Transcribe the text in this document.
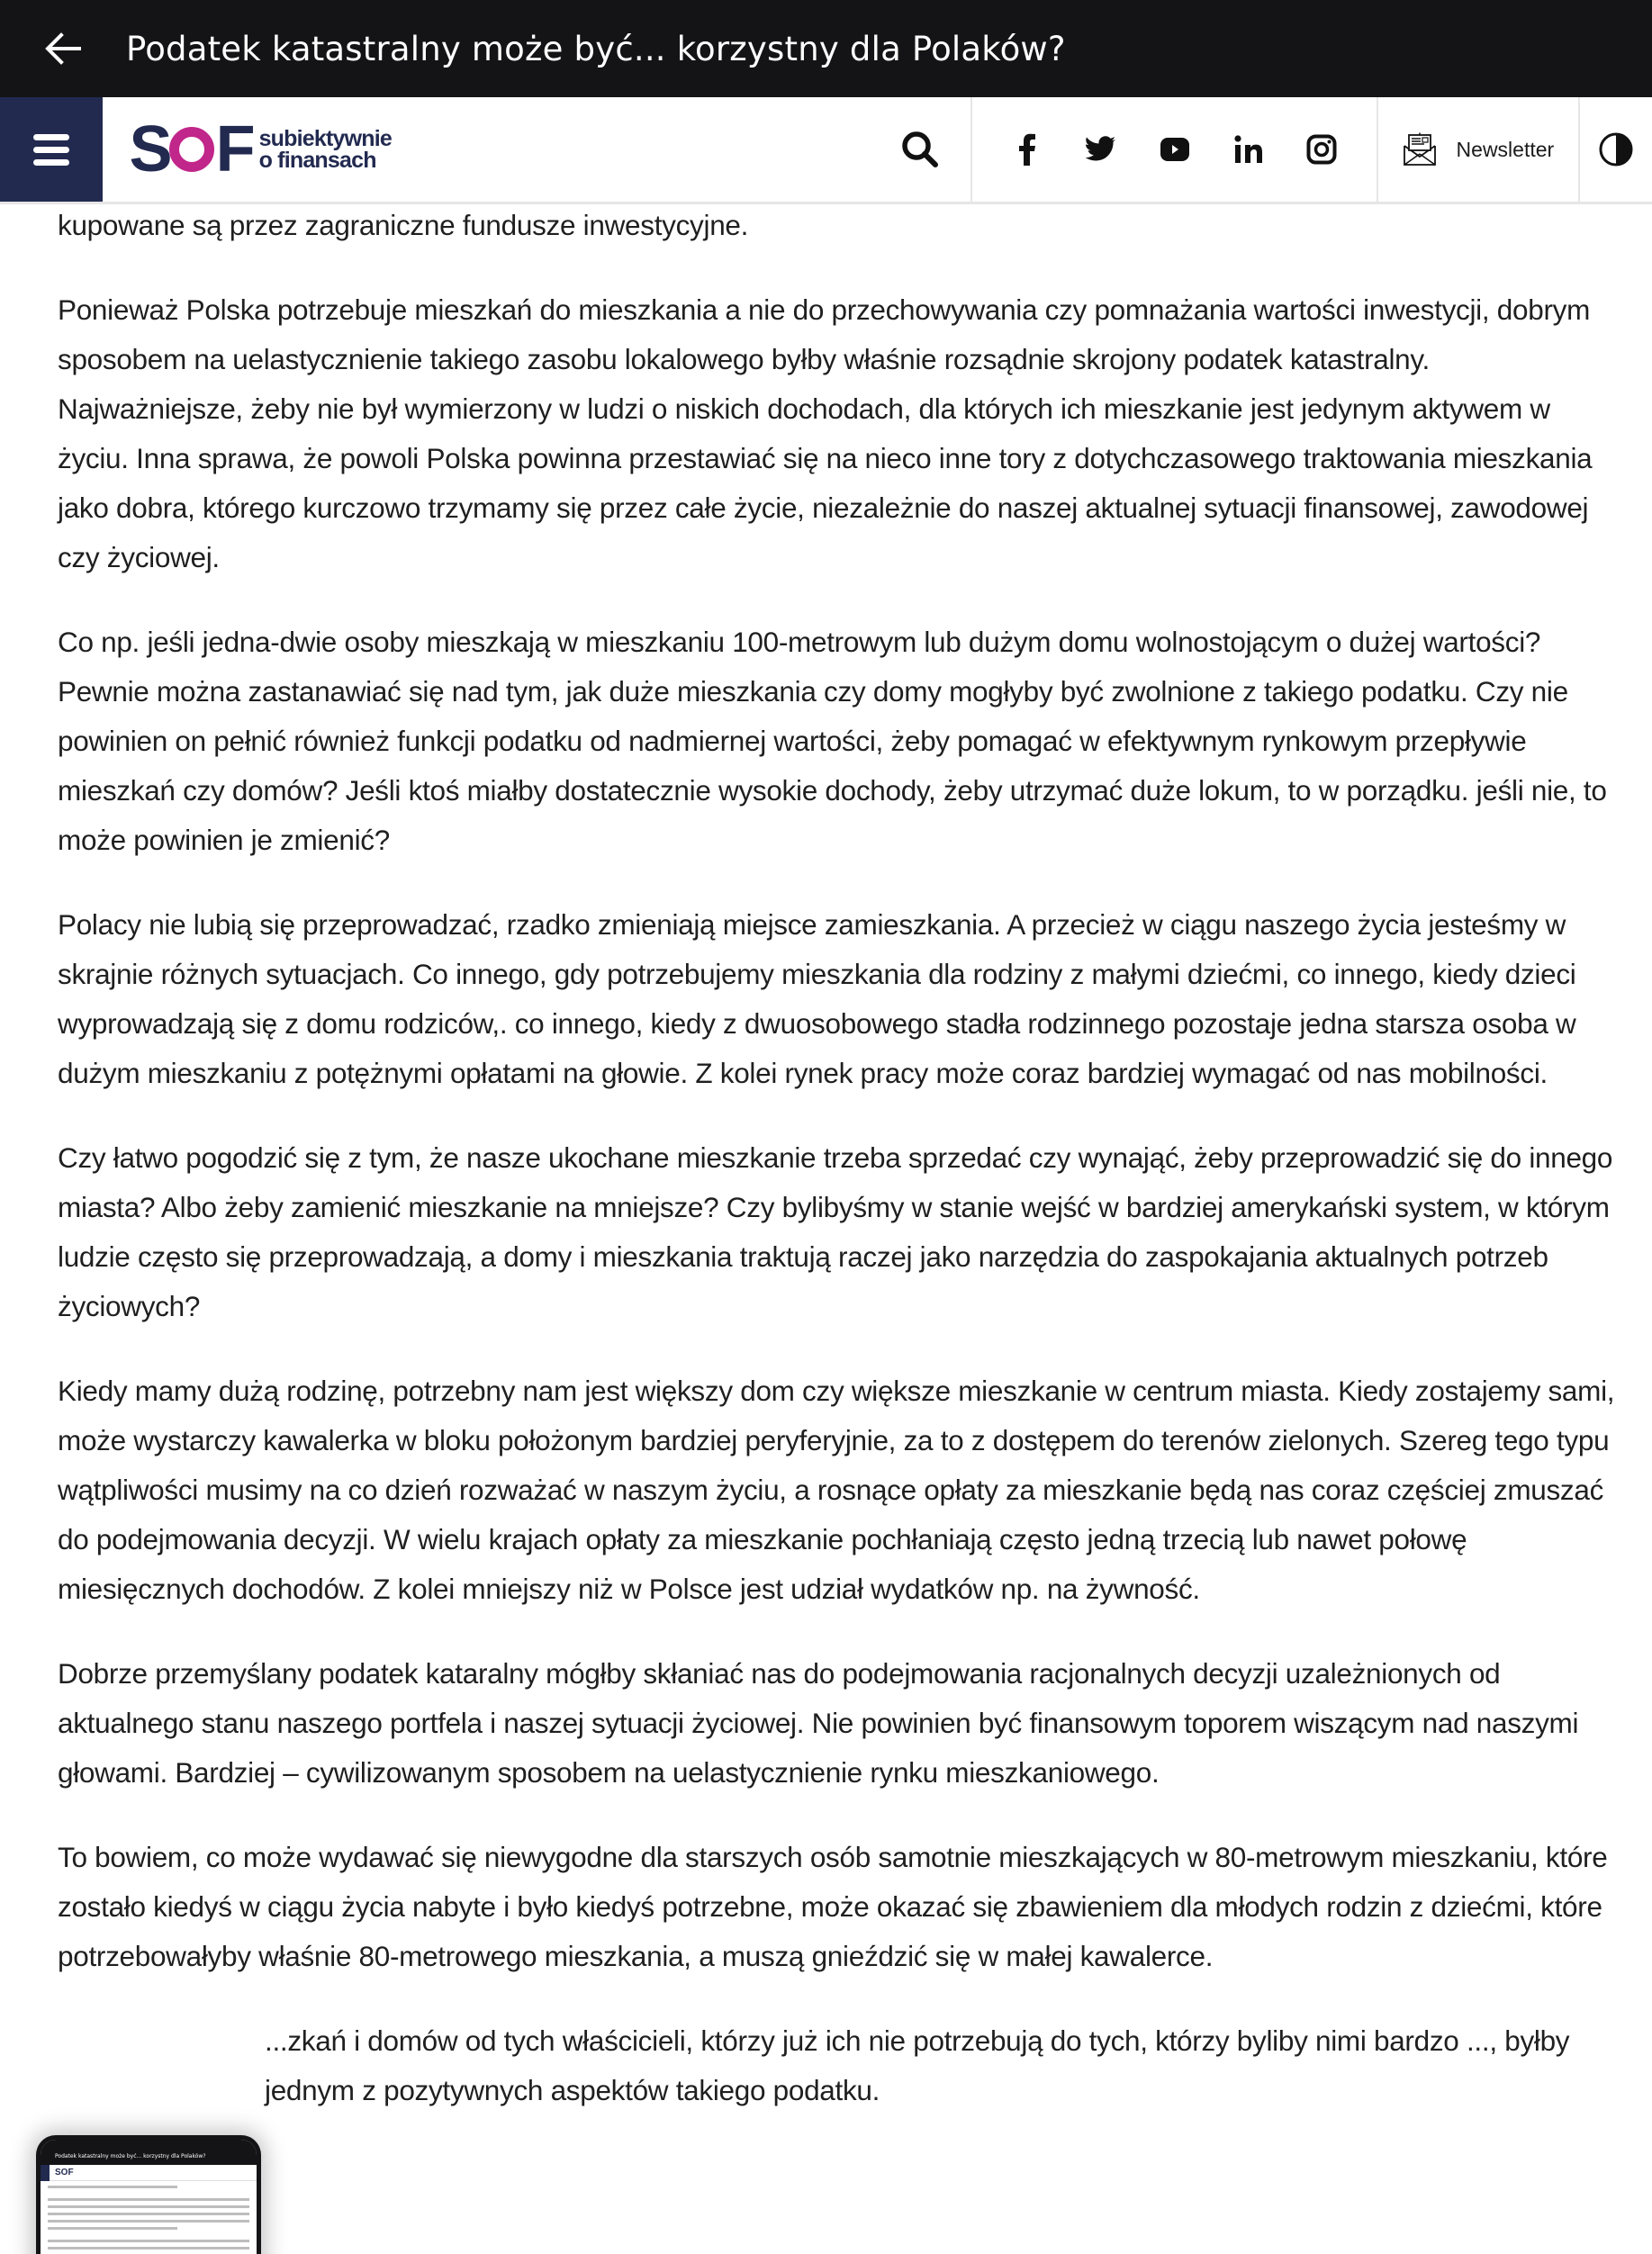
Podatek katastralny może być... korzystny dla Polaków?
S F subiektywnie
o finansach	Newsletter

kupowane są przez zagraniczne fundusze inwestycyjne.

Ponieważ Polska potrzebuje mieszkań do mieszkania a nie do przechowywania czy pomnażania wartości inwestycji, dobrym sposobem na uelastycznienie takiego zasobu lokalowego byłby właśnie rozsądnie skrojony podatek katastralny. Najważniejsze, żeby nie był wymierzony w ludzi o niskich dochodach, dla których ich mieszkanie jest jedynym aktywem w życiu. Inna sprawa, że powoli Polska powinna przestawiać się na nieco inne tory z dotychczasowego traktowania mieszkania jako dobra, którego kurczowo trzymamy się przez całe życie, niezależnie do naszej aktualnej sytuacji finansowej, zawodowej czy życiowej.

Co np. jeśli jedna-dwie osoby mieszkają w mieszkaniu 100-metrowym lub dużym domu wolnostojącym o dużej wartości? Pewnie można zastanawiać się nad tym, jak duże mieszkania czy domy mogłyby być zwolnione z takiego podatku. Czy nie powinien on pełnić również funkcji podatku od nadmiernej wartości, żeby pomagać w efektywnym rynkowym przepływie mieszkań czy domów? Jeśli ktoś miałby dostatecznie wysokie dochody, żeby utrzymać duże lokum, to w porządku. jeśli nie, to może powinien je zmienić?

Polacy nie lubią się przeprowadzać, rzadko zmieniają miejsce zamieszkania. A przecież w ciągu naszego życia jesteśmy w skrajnie różnych sytuacjach. Co innego, gdy potrzebujemy mieszkania dla rodziny z małymi dziećmi, co innego, kiedy dzieci wyprowadzają się z domu rodziców,. co innego, kiedy z dwuosobowego stadła rodzinnego pozostaje jedna starsza osoba w dużym mieszkaniu z potężnymi opłatami na głowie. Z kolei rynek pracy może coraz bardziej wymagać od nas mobilności.

Czy łatwo pogodzić się z tym, że nasze ukochane mieszkanie trzeba sprzedać czy wynająć, żeby przeprowadzić się do innego miasta? Albo żeby zamienić mieszkanie na mniejsze? Czy bylibyśmy w stanie wejść w bardziej amerykański system, w którym ludzie często się przeprowadzają, a domy i mieszkania traktują raczej jako narzędzia do zaspokajania aktualnych potrzeb życiowych?

Kiedy mamy dużą rodzinę, potrzebny nam jest większy dom czy większe mieszkanie w centrum miasta. Kiedy zostajemy sami, może wystarczy kawalerka w bloku położonym bardziej peryferyjnie, za to z dostępem do terenów zielonych. Szereg tego typu wątpliwości musimy na co dzień rozważać w naszym życiu, a rosnące opłaty za mieszkanie będą nas coraz częściej zmuszać do podejmowania decyzji. W wielu krajach opłaty za mieszkanie pochłaniają często jedną trzecią lub nawet połowę miesięcznych dochodów. Z kolei mniejszy niż w Polsce jest udział wydatków np. na żywność.

Dobrze przemyślany podatek kataralny mógłby skłaniać nas do podejmowania racjonalnych decyzji uzależnionych od aktualnego stanu naszego portfela i naszej sytuacji życiowej. Nie powinien być finansowym toporem wiszącym nad naszymi głowami. Bardziej – cywilizowanym sposobem na uelastycznienie rynku mieszkaniowego.

To bowiem, co może wydawać się niewygodne dla starszych osób samotnie mieszkających w 80-metrowym mieszkaniu, które zostało kiedyś w ciągu życia nabyte i było kiedyś potrzebne, może okazać się zbawieniem dla młodych rodzin z dziećmi, które potrzebowałyby właśnie 80-metrowego mieszkania, a muszą gnieździć się w małej kawalerce.

...zkań i domów od tych właścicieli, którzy już ich nie potrzebują do tych, którzy byliby nimi bardzo ..., byłby jednym z pozytywnych aspektów takiego podatku.

Podatek katastralny może być... korzystny dla Polaków?
SOF
